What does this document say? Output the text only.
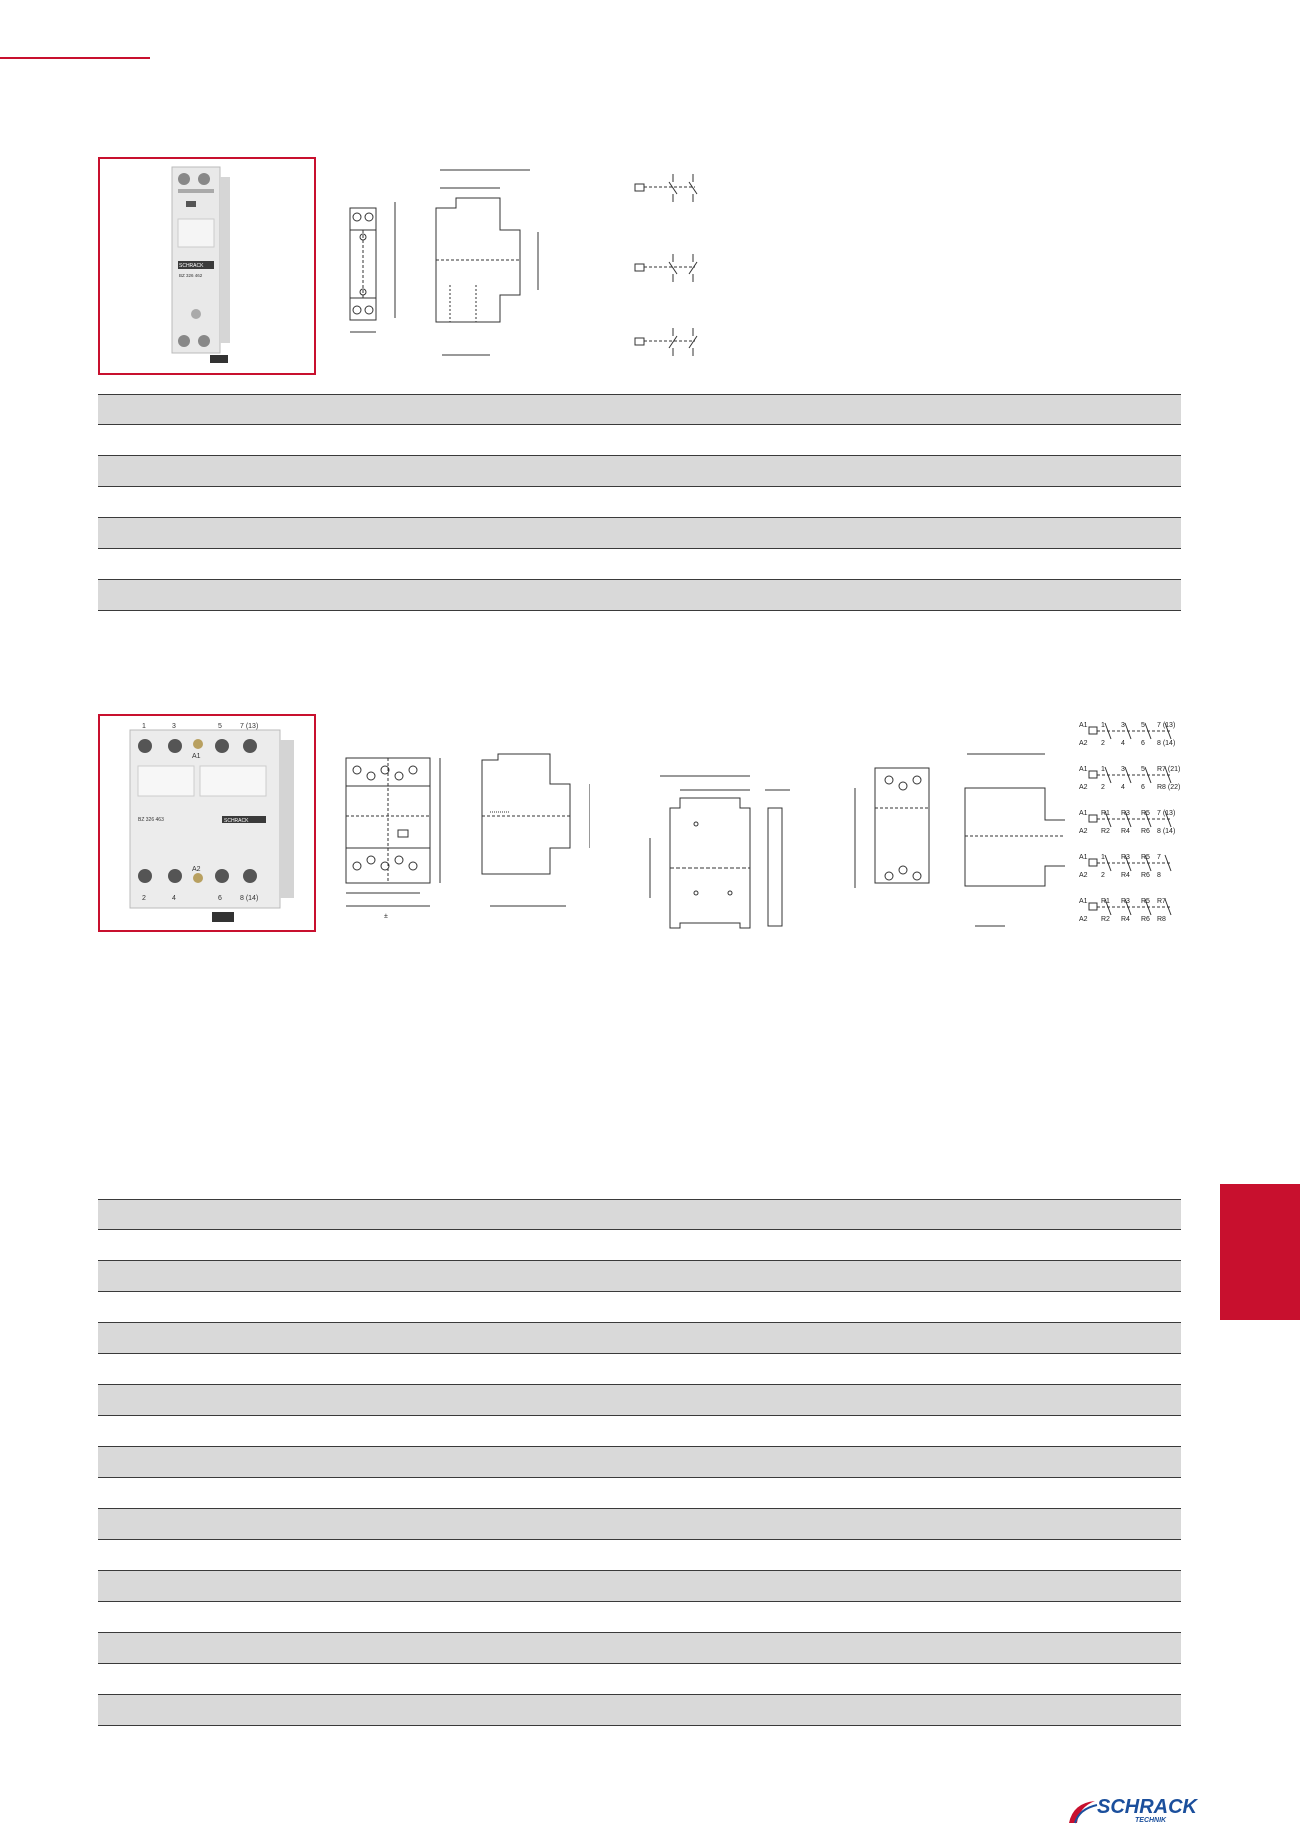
SCHRACK
BZ 326 462
1	3	5	7 (13)
A1
BZ 326 463	SCHRACK
A2
2	4	6	8 (14)
±
A1 1 3 5 7 (13)
A2 2 4 6 8 (14)
A1 1 3 5 R7 (21)
A2 2 4 6 R8 (22)
A1 R1 R3 R5 7 (13)
A2 R2 R4 R6 8 (14)
A1 1 R3 R5 7
A2 2 R4 R6 8
A1 R1 R3 R5 R7
A2 R2 R4 R6 R8
SCHRACK
TECHNIK
